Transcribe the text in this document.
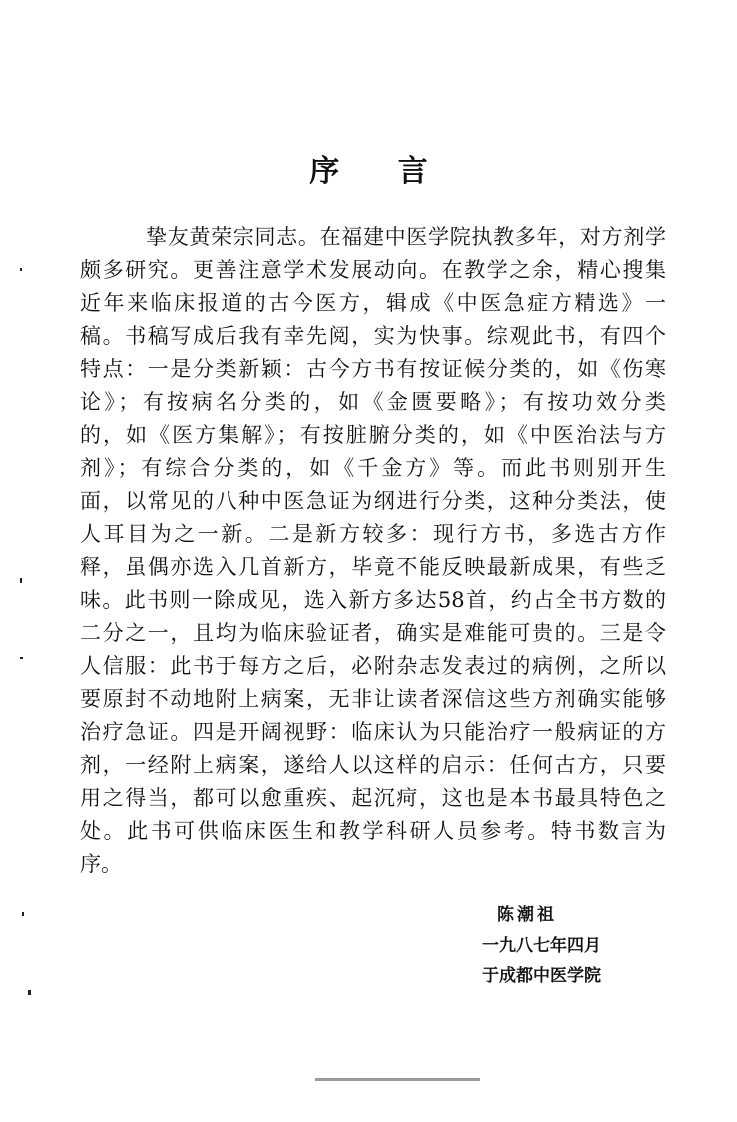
序 言
挚友黄荣宗同志。在福建中医学院执教多年，对方剂学
颇多研究。更善注意学术发展动向。在教学之余，精心搜集
近年来临床报道的古今医方，辑成《中医急症方精选》一
稿。书稿写成后我有幸先阅，实为快事。综观此书，有四个
特点：一是分类新颖：古今方书有按证候分类的，如《伤寒
论》；有按病名分类的，如《金匮要略》；有按功效分类
的，如《医方集解》；有按脏腑分类的，如《中医治法与方
剂》；有综合分类的，如《千金方》等。而此书则别开生
面，以常见的八种中医急证为纲进行分类，这种分类法，使
人耳目为之一新。二是新方较多：现行方书，多选古方作
释，虽偶亦选入几首新方，毕竟不能反映最新成果，有些乏
味。此书则一除成见，选入新方多达58首，约占全书方数的
二分之一，且均为临床验证者，确实是难能可贵的。三是令
人信服：此书于每方之后，必附杂志发表过的病例，之所以
要原封不动地附上病案，无非让读者深信这些方剂确实能够
治疗急证。四是开阔视野：临床认为只能治疗一般病证的方
剂，一经附上病案，遂给人以这样的启示：任何古方，只要
用之得当，都可以愈重疾、起沉疴，这也是本书最具特色之
处。此书可供临床医生和教学科研人员参考。特书数言为
序。
陈潮祖
一九八七年四月
于成都中医学院
